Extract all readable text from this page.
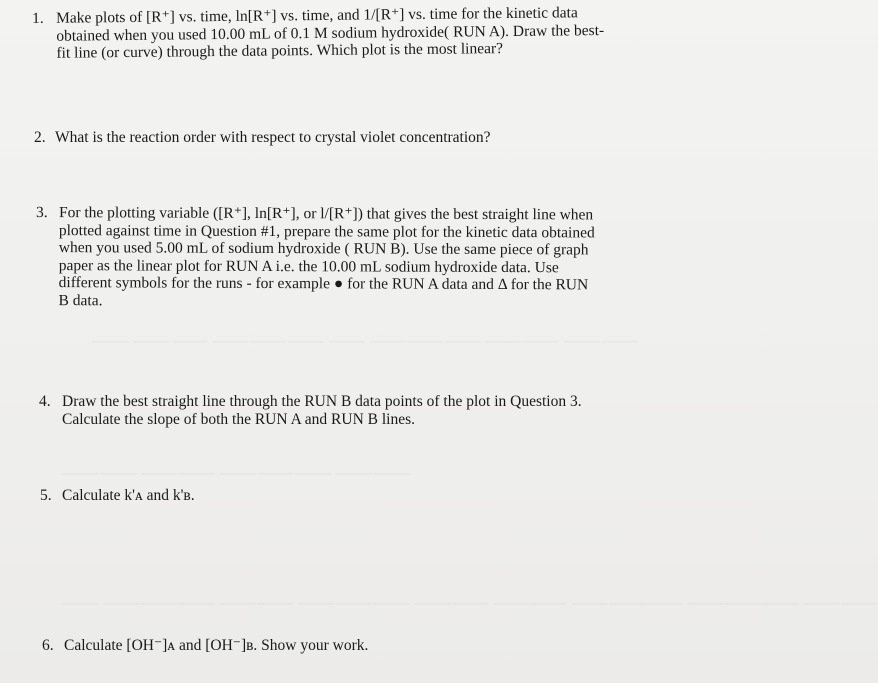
⸻ ⸻⸻ ⸻⸻⸻ ⸻ ⸻⸻⸻ ⸻⸻ ⸻⸻
⸻⸻ ⸻⸻ ⸻⸻⸻ ⸻⸻
⸻ ⸻⸻⸻ ⸻⸻ ⸻⸻⸻ ⸻⸻ ⸻⸻ ⸻⸻⸻ ⸻⸻⸻ ⸻⸻
1. Make plots of [R⁺] vs. time, ln[R⁺] vs. time, and 1/[R⁺] vs. time for the kinetic data
obtained when you used 10.00 mL of 0.1 M sodium hydroxide( RUN A). Draw the best-
fit line (or curve) through the data points. Which plot is the most linear?
2. What is the reaction order with respect to crystal violet concentration?
3. For the plotting variable ([R⁺], ln[R⁺], or l/[R⁺]) that gives the best straight line when
plotted against time in Question #1, prepare the same plot for the kinetic data obtained
when you used 5.00 mL of sodium hydroxide ( RUN B). Use the same piece of graph
paper as the linear plot for RUN A i.e. the 10.00 mL sodium hydroxide data. Use
different symbols for the runs - for example ● for the RUN A data and Δ for the RUN
B data.
4. Draw the best straight line through the RUN B data points of the plot in Question 3.
Calculate the slope of both the RUN A and RUN B lines.
5. Calculate k'ᴀ and k'ʙ.
6. Calculate [OH⁻]ᴀ and [OH⁻]ʙ. Show your work.
